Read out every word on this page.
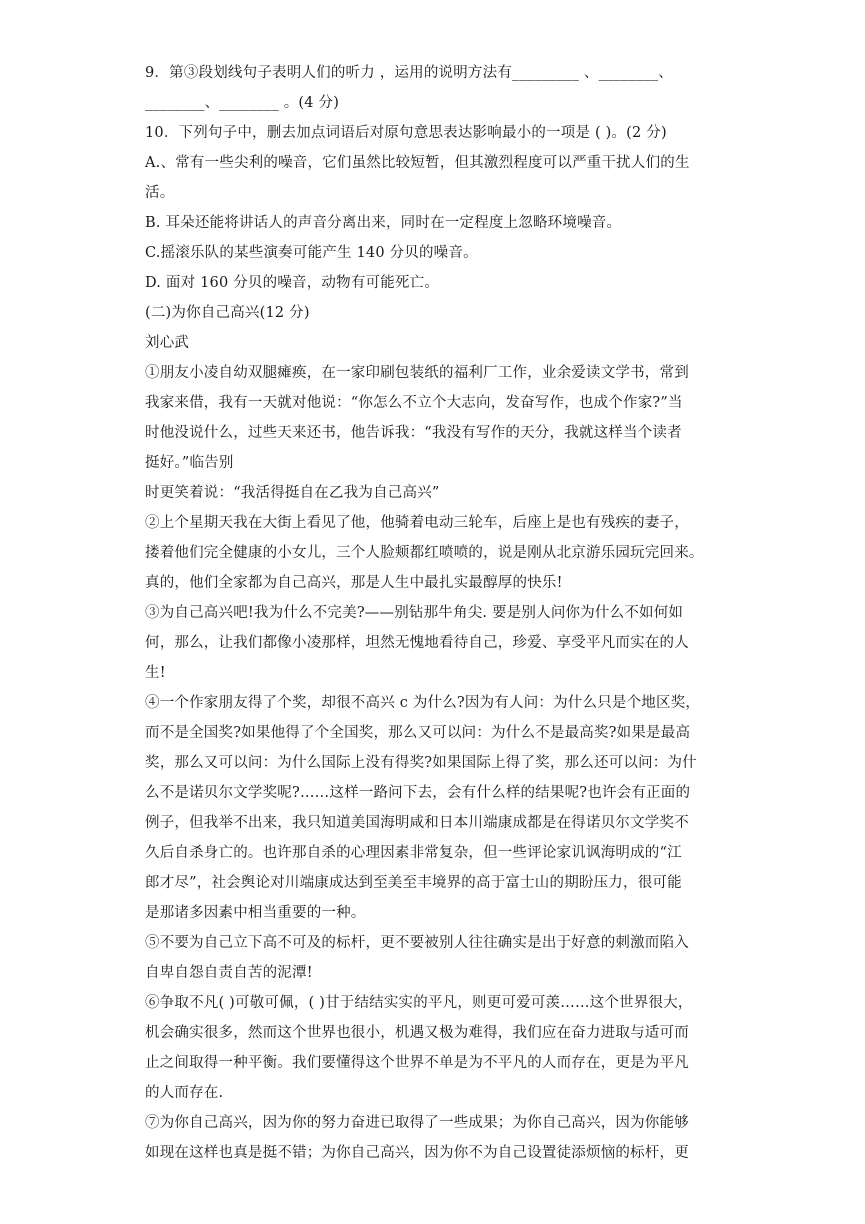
9．第③段划线句子表明人们的听力 ，运用的说明方法有_________ 、________、
________、________ 。(4 分)
10．下列句子中，删去加点词语后对原句意思表达影响最小的一项是 ( )。(2 分)
A.、常有一些尖利的噪音，它们虽然比较短暂，但其激烈程度可以严重干扰人们的生
活。
B. 耳朵还能将讲话人的声音分离出来，同时在一定程度上忽略环境噪音。
C.摇滚乐队的某些演奏可能产生 140 分贝的噪音。
D. 面对 160 分贝的噪音，动物有可能死亡。
(二)为你自己高兴(12 分)
刘心武
①朋友小凌自幼双腿瘫痪，在一家印刷包装纸的福利厂工作，业余爱读文学书，常到
我家来借，我有一天就对他说：“你怎么不立个大志向，发奋写作，也成个作家?”当
时他没说什么，过些天来还书，他告诉我：“我没有写作的天分，我就这样当个读者
挺好。”临告别
时更笑着说：“我活得挺自在乙我为自己高兴”
②上个星期天我在大街上看见了他，他骑着电动三轮车，后座上是也有残疾的妻子，
搂着他们完全健康的小女儿，三个人脸颊都红喷喷的，说是刚从北京游乐园玩完回来。
真的，他们全家都为自己高兴，那是人生中最扎实最醇厚的快乐!
③为自己高兴吧!我为什么不完美?——别钻那牛角尖. 要是别人问你为什么不如何如
何，那么，让我们都像小凌那样，坦然无愧地看待自己，珍爱、享受平凡而实在的人
生!
④一个作家朋友得了个奖，却很不高兴 c 为什么?因为有人问：为什么只是个地区奖，
而不是全国奖?如果他得了个全国奖，那么又可以问：为什么不是最高奖?如果是最高
奖，那么又可以问：为什么国际上没有得奖?如果国际上得了奖，那么还可以问：为什
么不是诺贝尔文学奖呢?……这样一路问下去，会有什么样的结果呢?也许会有正面的
例子，但我举不出来，我只知道美国海明咸和日本川端康成都是在得诺贝尔文学奖不
久后自杀身亡的。也许那自杀的心理因素非常复杂，但一些评论家讥讽海明成的“江
郎才尽”，社会舆论对川端康成达到至美至丰境界的高于富士山的期盼压力，很可能
是那诸多因素中相当重要的一种。
⑤不要为自己立下高不可及的标杆，更不要被别人往往确实是出于好意的刺激而陷入
自卑自怨自责自苦的泥潭!
⑥争取不凡( )可敬可佩，( )甘于结结实实的平凡，则更可爱可羡……这个世界很大，
机会确实很多，然而这个世界也很小，机遇又极为难得，我们应在奋力进取与适可而
止之间取得一种平衡。我们要懂得这个世界不单是为不平凡的人而存在，更是为平凡
的人而存在.
⑦为你自己高兴，因为你的努力奋进已取得了一些成果；为你自己高兴，因为你能够
如现在这样也真是挺不错；为你自己高兴，因为你不为自己设置徒添烦恼的标杆，更
